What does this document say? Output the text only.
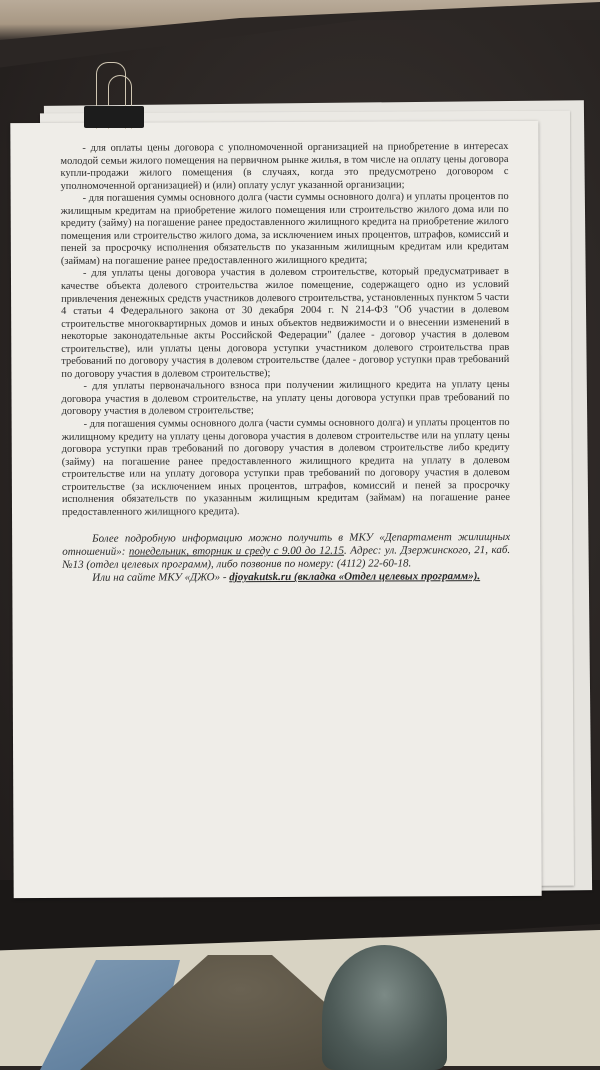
- для оплаты цены договора с уполномоченной организацией на приобретение в интересах молодой семьи жилого помещения на первичном рынке жилья, в том числе на оплату цены договора купли-продажи жилого помещения (в случаях, когда это предусмотрено договором с уполномоченной организацией) и (или) оплату услуг указанной организации;

- для погашения суммы основного долга (части суммы основного долга) и уплаты процентов по жилищным кредитам на приобретение жилого помещения или строительство жилого дома или по кредиту (займу) на погашение ранее предоставленного жилищного кредита на приобретение жилого помещения или строительство жилого дома, за исключением иных процентов, штрафов, комиссий и пеней за просрочку исполнения обязательств по указанным жилищным кредитам или кредитам (займам) на погашение ранее предоставленного жилищного кредита;

- для уплаты цены договора участия в долевом строительстве, который предусматривает в качестве объекта долевого строительства жилое помещение, содержащего одно из условий привлечения денежных средств участников долевого строительства, установленных пунктом 5 части 4 статьи 4 Федерального закона от 30 декабря 2004 г. N 214-ФЗ "Об участии в долевом строительстве многоквартирных домов и иных объектов недвижимости и о внесении изменений в некоторые законодательные акты Российской Федерации" (далее - договор участия в долевом строительстве), или уплаты цены договора уступки участником долевого строительства прав требований по договору участия в долевом строительстве (далее - договор уступки прав требований по договору участия в долевом строительстве);

- для уплаты первоначального взноса при получении жилищного кредита на уплату цены договора участия в долевом строительстве, на уплату цены договора уступки прав требований по договору участия в долевом строительстве;

- для погашения суммы основного долга (части суммы основного долга) и уплаты процентов по жилищному кредиту на уплату цены договора участия в долевом строительстве или на уплату цены договора уступки прав требований по договору участия в долевом строительстве либо кредиту (займу) на погашение ранее предоставленного жилищного кредита на уплату в долевом строительстве или на уплату договора уступки прав требований по договору участия в долевом строительстве (за исключением иных процентов, штрафов, комиссий и пеней за просрочку исполнения обязательств по указанным жилищным кредитам (займам) на погашение ранее предоставленного жилищного кредита).

Более подробную информацию можно получить в МКУ «Департамент жилищных отношений»: понедельник, вторник и среду с 9.00 до 12.15. Адрес: ул. Дзержинского, 21, каб. №13 (отдел целевых программ), либо позвонив по номеру: (4112) 22-60-18.

Или на сайте МКУ «ДЖО» - djoyakutsk.ru (вкладка «Отдел целевых программ»).
